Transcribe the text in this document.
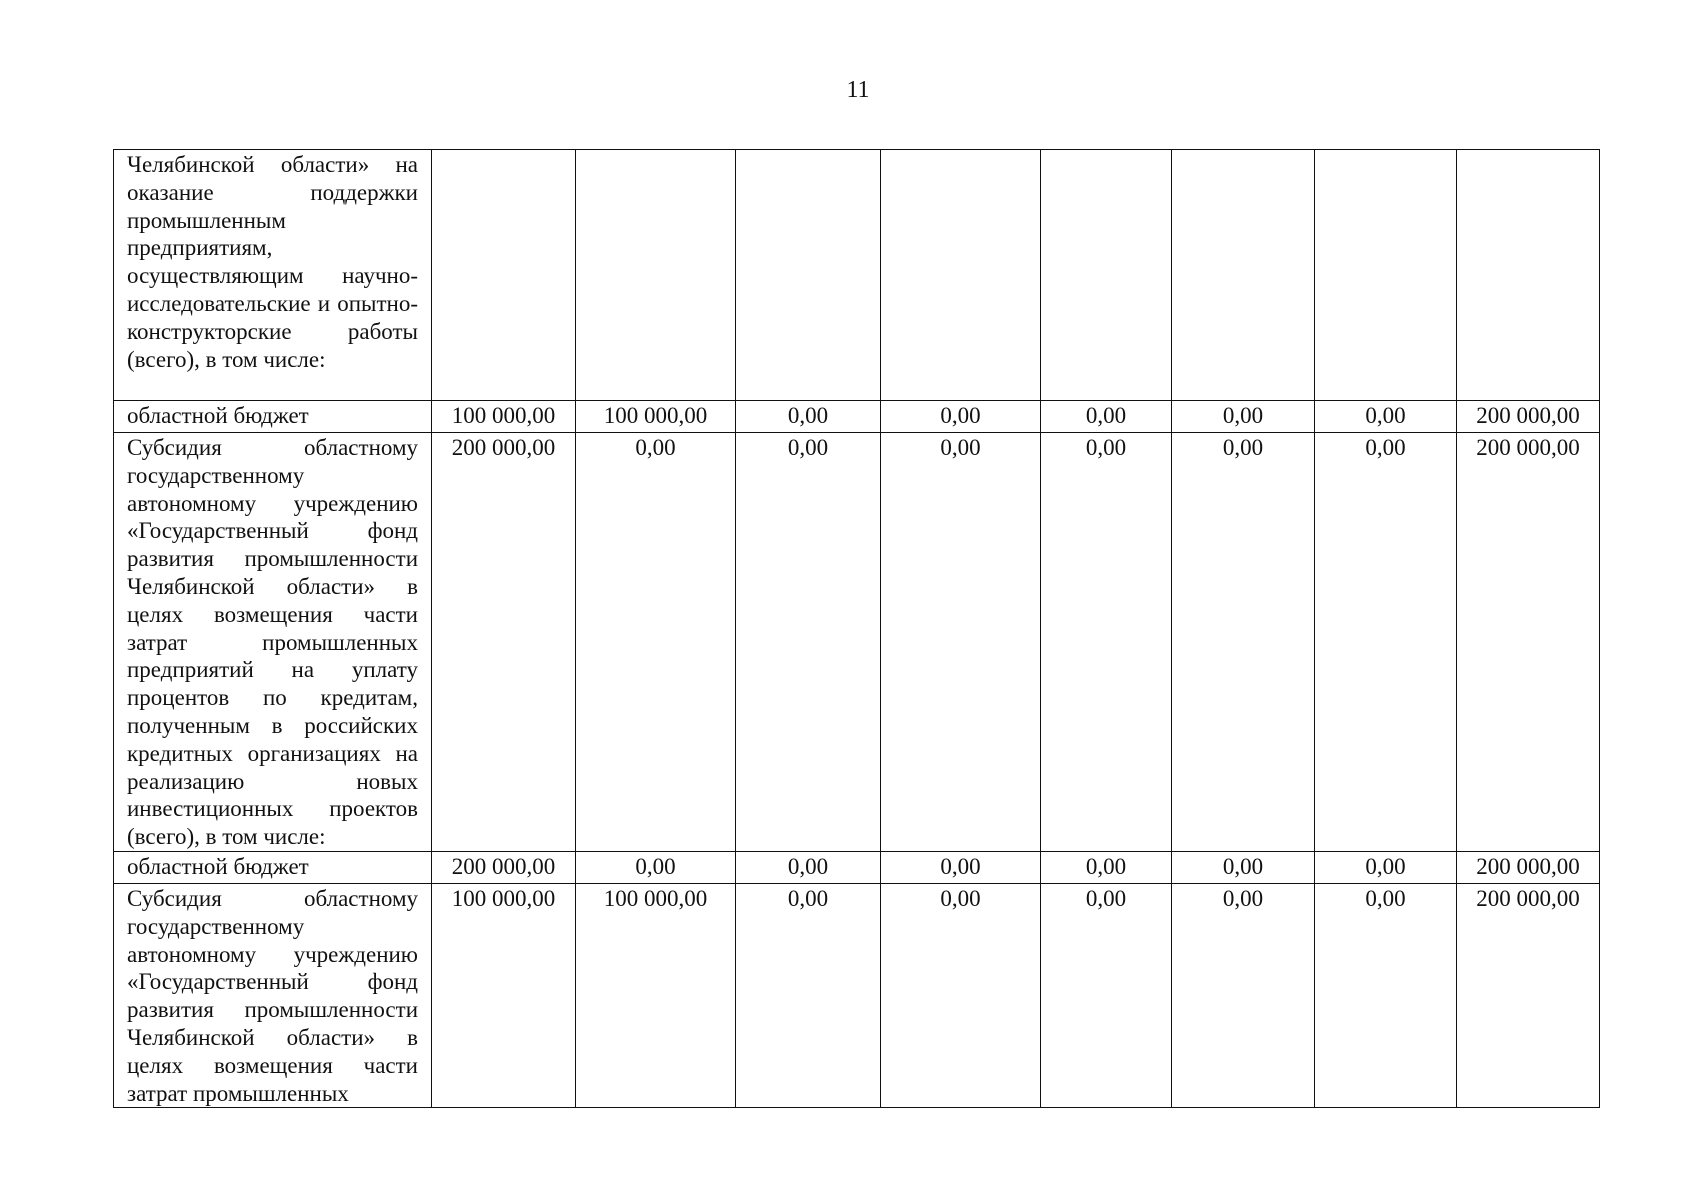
11
Челябинской области» на оказание поддержки промышленным предприятиям, осуществляющим научно-исследовательские и опытно-конструкторские работы (всего), в том числе:								
областной бюджет	100 000,00	100 000,00	0,00	0,00	0,00	0,00	0,00	200 000,00
Субсидия областному государственному автономному учреждению «Государственный фонд развития промышленности Челябинской области» в целях возмещения части затрат промышленных предприятий на уплату процентов по кредитам, полученным в российских кредитных организациях на реализацию новых инвестиционных проектов (всего), в том числе:	200 000,00	0,00	0,00	0,00	0,00	0,00	0,00	200 000,00
областной бюджет	200 000,00	0,00	0,00	0,00	0,00	0,00	0,00	200 000,00
Субсидия областному государственному автономному учреждению «Государственный фонд развития промышленности Челябинской области» в целях возмещения части затрат промышленных	100 000,00	100 000,00	0,00	0,00	0,00	0,00	0,00	200 000,00
